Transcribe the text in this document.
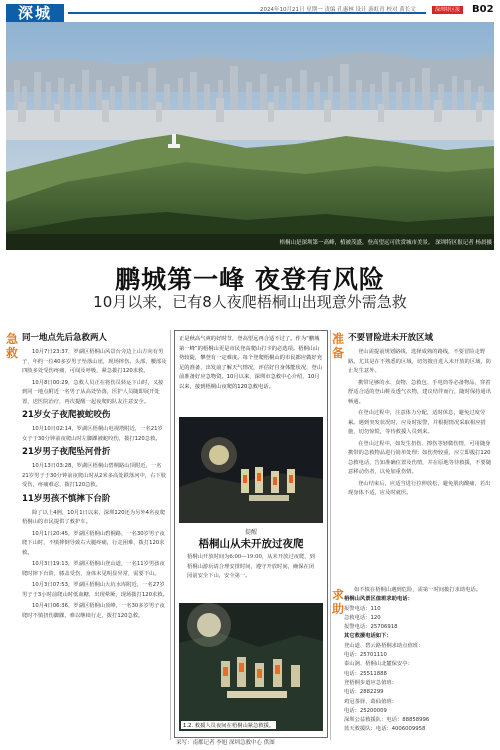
深城	2024年10月21日 星期一 责编 孔惠林 设计 游虹青 校对 黄长文	深圳特区报	B02
梧桐山是深圳第一高峰，植被茂盛，登高望远可欣赏城市美景。 深圳特区报记者 杨晨摄
鹏城第一峰 夜登有风险
10月以来，已有8人夜爬梧桐山出现意外需急救
急救
同一地点先后急救两人

10月7日23:37，罗湖区梧桐山风景台旁边上山方向有男子，年约一位40多岁男子坠落山崖，现场摔伤。头部、腰部及四肢多处受伤疼痛，可闻及呼吸，紧急拨打120求救。

10月8日00:29，急救人员正在将伤员转运下山时，又接到同一地点附近一名男子从高处坠落，医护人员随即展开处置，送医院治疗，再次提醒一起夜爬的队友注意安全。

21岁女子夜爬被蛇咬伤

10月10日02:14，罗湖区梧桐山电视塔附近，一名21岁女子于30分钟前夜爬山时左脚踝被蛇咬伤，拨打120急救。

21岁男子夜爬坠河骨折

10月13日03:28，罗湖区梧桐山碧桐路山顶附近，一名21岁男子于30分钟前夜爬山时从2米多高处跌落河中，右下肢受伤，疼痛难忍，拨打120急救。

11岁男孩不慎摔下台阶

除了以上4例，10月1日以来，深圳120还为另外4名夜爬梧桐山的市民提供了救护车。

10月1日20:45，罗湖区梧桐山碧桐路，一名30岁男子夜爬下山时，不慎摔倒导致右大腿疼痛，行走困难，拨打120求救。

10月3日19:13，罗湖区梧桐山登山道，一名11岁男孩夜爬时摔下台阶，膝盖受伤，身体未见明显异常，需要下山。

10月3日07:53，罗湖区梧桐山大坑水库附近，一名27岁男子于3小时前爬山时低血糖，出现晕厥，现场拨打120求救。

10月4日06:36，罗湖区梧桐山顶峰，一名30多岁男子夜爬时不慎扭伤脚踝，难以继续行走，拨打120急救。

正是秋高气爽的好时节，登高望远再合适不过了。作为“鹏城第一峰”的梧桐山更是市民登高爬山打卡的必选项。梧桐山山势较陡，攀登有一定难度。每个登爬梧桐山的市民都应做好充足的准备，出发前了解天气情况，评估好自身体能状况，登山前准备好应急物资。10月以来，深圳市急救中心介绍，10月以来，接到梧桐山夜爬的120急救电话。
提醒
梧桐山从未开放过夜爬
梧桐山开放时间为6:00—19:00，从未开放过夜爬，到梧桐山游玩请合理安排时间，遵守开放时间，确保在闭园前安全下山，安全第一。
1.2. 救援人员夜间在梧桐山紧急救援。
采写：南都记者 李旭 深圳急救中心 供图
准备
不要冒险进未开放区域

登山需提前规划路线，选择成熟的路线，不要冒险走野路。尤其是在不熟悉的区域，切勿擅自进入未开放的区域，防止发生意外。

携带足够的水、食物、急救包、手电筒等必备物品，穿着舒适合适的登山鞋及透气衣物，建议结伴而行，随时保持通讯畅通。

在登山过程中，注意体力分配，适时休息，避免过度劳累。遇到突发状况时，应及时报警，并根据情况采取相应措施，切勿惊慌，等待救援人员到来。

在登山过程中，如发生扭伤、擦伤等轻微伤情，可用随身携带的急救物品进行简单处理；如伤势较重，应立即拨打120急救电话，告知准确位置及伤情，并在原地等待救援，不要随意移动伤者，以免加重伤情。

登山结束后，应适当进行拉伸放松，避免肌肉酸痛，若出现身体不适，应及时就医。

求助
如不慎在梧桐山遇到危险，需第一时间拨打求助电话。
梧桐山风景区值班求助电话：
报警电话：110
急救电话：120
报警电话：25706918
其它救援电话如下：
登山道、碧云路梧桐求助点值班：
电话：25701110
泰山涧、梧桐山北麓保安亭：
电话：25511888
登梧桐步道应急值班：
电话：2882299
鸡冠茶驿、葛仙值班：
电话：25200009
深圳公益救援队：电话：88858996
蓝天救援队：电话：4006009958
